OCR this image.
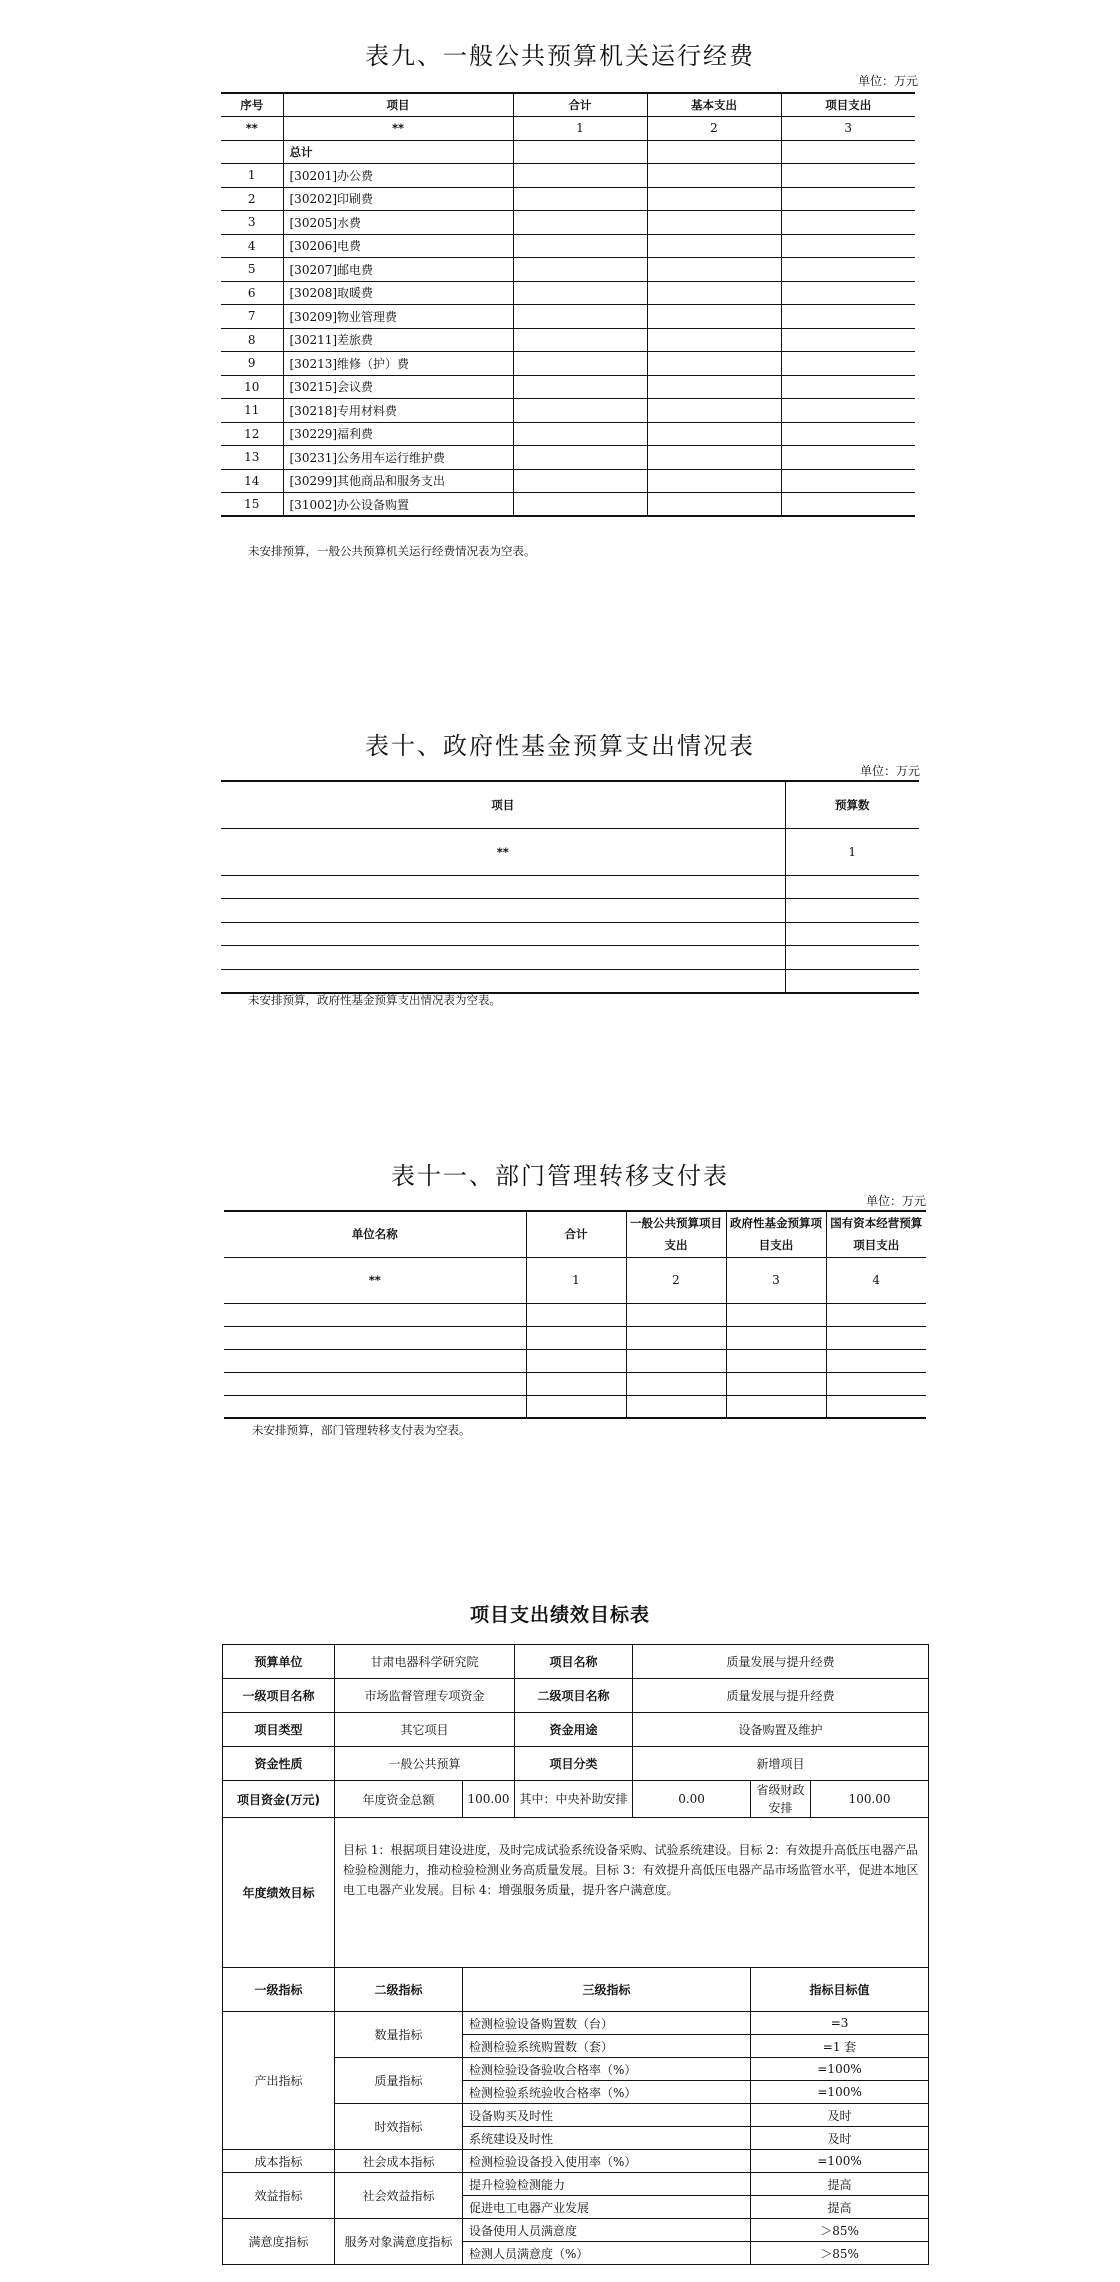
表九、一般公共预算机关运行经费
单位：万元
序号	项目	合计	基本支出	项目支出
**	**	1	2	3
	总计			
1	[30201]办公费			
2	[30202]印刷费			
3	[30205]水费			
4	[30206]电费			
5	[30207]邮电费			
6	[30208]取暖费			
7	[30209]物业管理费			
8	[30211]差旅费			
9	[30213]维修（护）费			
10	[30215]会议费			
11	[30218]专用材料费			
12	[30229]福利费			
13	[30231]公务用车运行维护费			
14	[30299]其他商品和服务支出			
15	[31002]办公设备购置			
未安排预算，一般公共预算机关运行经费情况表为空表。
表十、政府性基金预算支出情况表
单位：万元
项目	预算数
**	1

未安排预算，政府性基金预算支出情况表为空表。
表十一、部门管理转移支付表
单位：万元
单位名称	合计	一般公共预算项目支出	政府性基金预算项目支出	国有资本经营预算项目支出
**	1	2	3	4

未安排预算，部门管理转移支付表为空表。
项目支出绩效目标表
预算单位	甘肃电器科学研究院		项目名称	质量发展与提升经费		
一级项目名称	市场监督管理专项资金		二级项目名称	质量发展与提升经费		
项目类型	其它项目		资金用途	设备购置及维护		
资金性质	一般公共预算		项目分类	新增项目		
项目资金(万元)	年度资金总额	100.00	其中：中央补助安排	0.00	省级财政安排	100.00
年度绩效目标	目标 1：根据项目建设进度，及时完成试验系统设备采购、试验系统建设。目标 2：有效提升高低压电器产品检验检测能力，推动检验检测业务高质量发展。目标 3：有效提升高低压电器产品市场监管水平，促进本地区电工电器产业发展。目标 4：增强服务质量，提升客户满意度。					
一级指标	二级指标	三级指标			指标目标值	
产出指标	数量指标	检测检验设备购置数（台）			=3	
		检测检验系统购置数（套）			=1 套	
	质量指标	检测检验设备验收合格率（%）			=100%	
		检测检验系统验收合格率（%）			=100%	
	时效指标	设备购买及时性			及时	
		系统建设及时性			及时	
成本指标	社会成本指标	检测检验设备投入使用率（%）			=100%	
效益指标	社会效益指标	提升检验检测能力			提高	
		促进电工电器产业发展			提高	
满意度指标	服务对象满意度指标	设备使用人员满意度			＞85%	
		检测人员满意度（%）			＞85%	
